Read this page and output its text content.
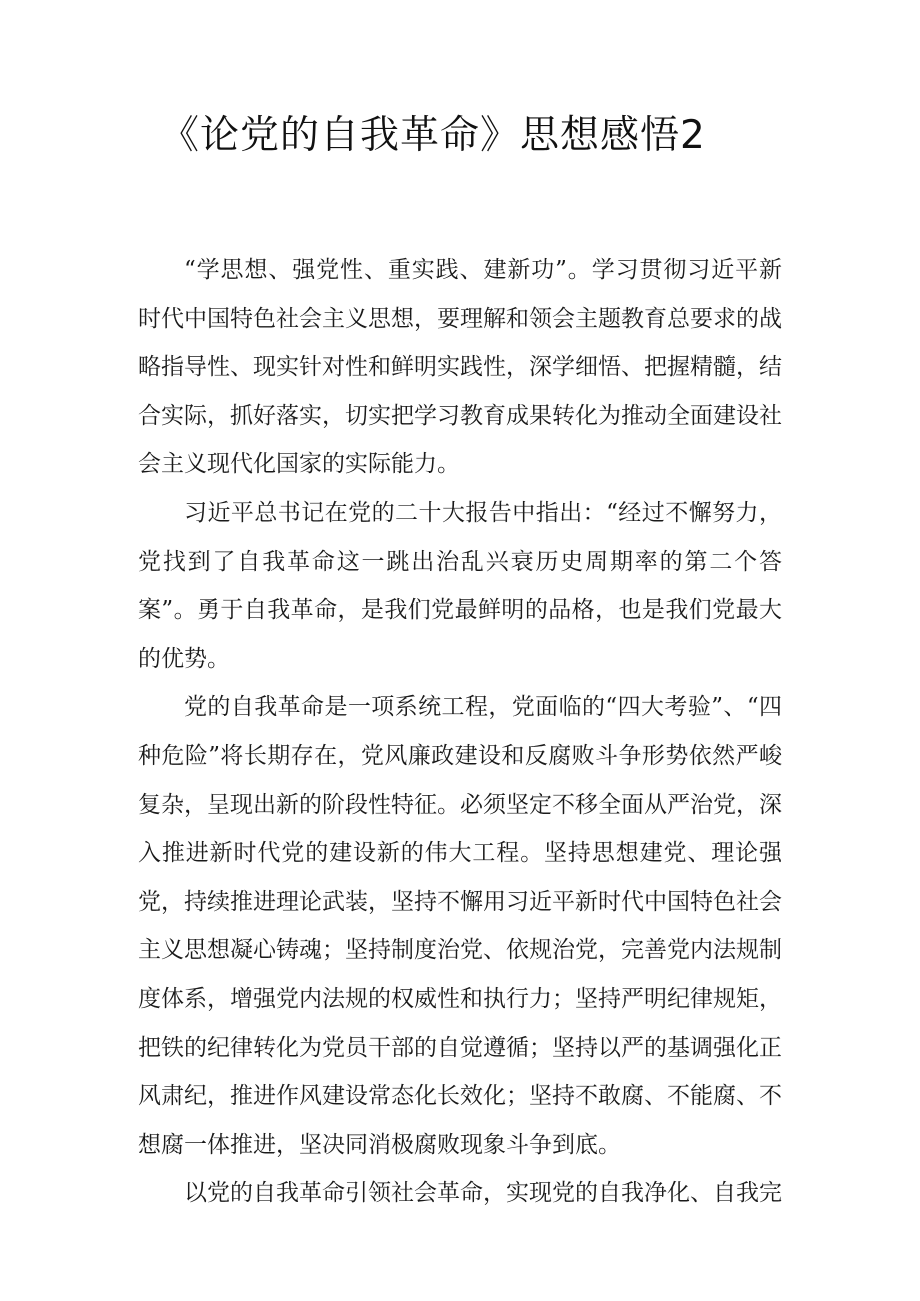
《论党的自我革命》思想感悟2

“学思想、强党性、重实践、建新功”。学习贯彻习近平新时代中国特色社会主义思想，要理解和领会主题教育总要求的战略指导性、现实针对性和鲜明实践性，深学细悟、把握精髓，结合实际，抓好落实，切实把学习教育成果转化为推动全面建设社会主义现代化国家的实际能力。

习近平总书记在党的二十大报告中指出：“经过不懈努力，党找到了自我革命这一跳出治乱兴衰历史周期率的第二个答案”。勇于自我革命，是我们党最鲜明的品格，也是我们党最大的优势。

党的自我革命是一项系统工程，党面临的“四大考验”、“四种危险”将长期存在，党风廉政建设和反腐败斗争形势依然严峻复杂，呈现出新的阶段性特征。必须坚定不移全面从严治党，深入推进新时代党的建设新的伟大工程。坚持思想建党、理论强党，持续推进理论武装，坚持不懈用习近平新时代中国特色社会主义思想凝心铸魂；坚持制度治党、依规治党，完善党内法规制度体系，增强党内法规的权威性和执行力；坚持严明纪律规矩，把铁的纪律转化为党员干部的自觉遵循；坚持以严的基调强化正风肃纪，推进作风建设常态化长效化；坚持不敢腐、不能腐、不想腐一体推进，坚决同消极腐败现象斗争到底。

以党的自我革命引领社会革命，实现党的自我净化、自我完
